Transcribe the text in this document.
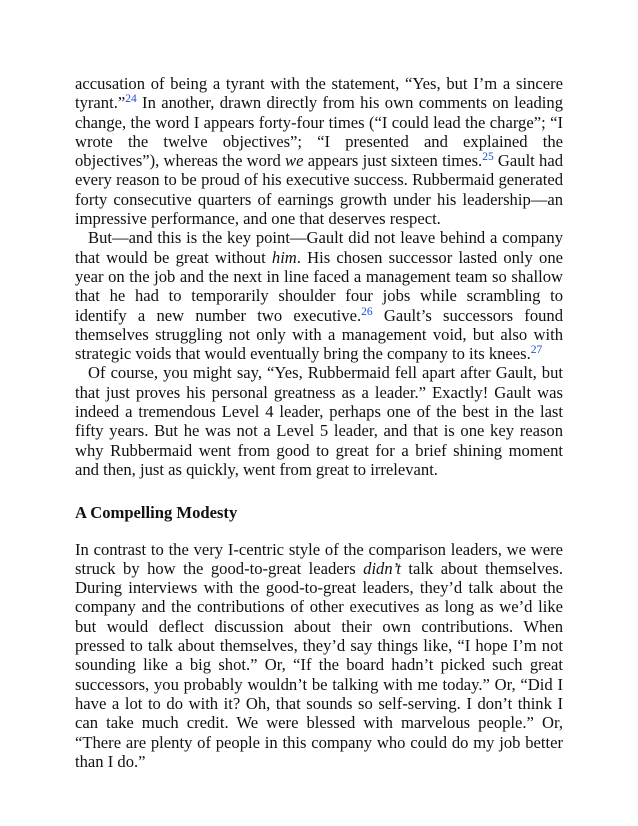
accusation of being a tyrant with the statement, “Yes, but I’m a sincere tyrant.”$^{24}$ In another, drawn directly from his own comments on leading change, the word I appears forty-four times (“I could lead the charge”; “I wrote the twelve objectives”; “I presented and explained the objectives”), whereas the word we appears just sixteen times.$^{25}$ Gault had every reason to be proud of his executive success. Rubbermaid generated forty consecutive quarters of earnings growth under his leadership—an impressive performance, and one that deserves respect.

But—and this is the key point—Gault did not leave behind a company that would be great without him. His chosen successor lasted only one year on the job and the next in line faced a management team so shallow that he had to temporarily shoulder four jobs while scrambling to identify a new number two executive.$^{26}$ Gault’s successors found themselves struggling not only with a management void, but also with strategic voids that would eventually bring the company to its knees.$^{27}$

Of course, you might say, “Yes, Rubbermaid fell apart after Gault, but that just proves his personal greatness as a leader.” Exactly! Gault was indeed a tremendous Level 4 leader, perhaps one of the best in the last fifty years. But he was not a Level 5 leader, and that is one key reason why Rubbermaid went from good to great for a brief shining moment and then, just as quickly, went from great to irrelevant.

A Compelling Modesty

In contrast to the very I-centric style of the comparison leaders, we were struck by how the good-to-great leaders didn’t talk about themselves. During interviews with the good-to-great leaders, they’d talk about the company and the contributions of other executives as long as we’d like but would deflect discussion about their own contributions. When pressed to talk about themselves, they’d say things like, “I hope I’m not sounding like a big shot.” Or, “If the board hadn’t picked such great successors, you probably wouldn’t be talking with me today.” Or, “Did I have a lot to do with it? Oh, that sounds so self-serving. I don’t think I can take much credit. We were blessed with marvelous people.” Or, “There are plenty of people in this company who could do my job better than I do.”
